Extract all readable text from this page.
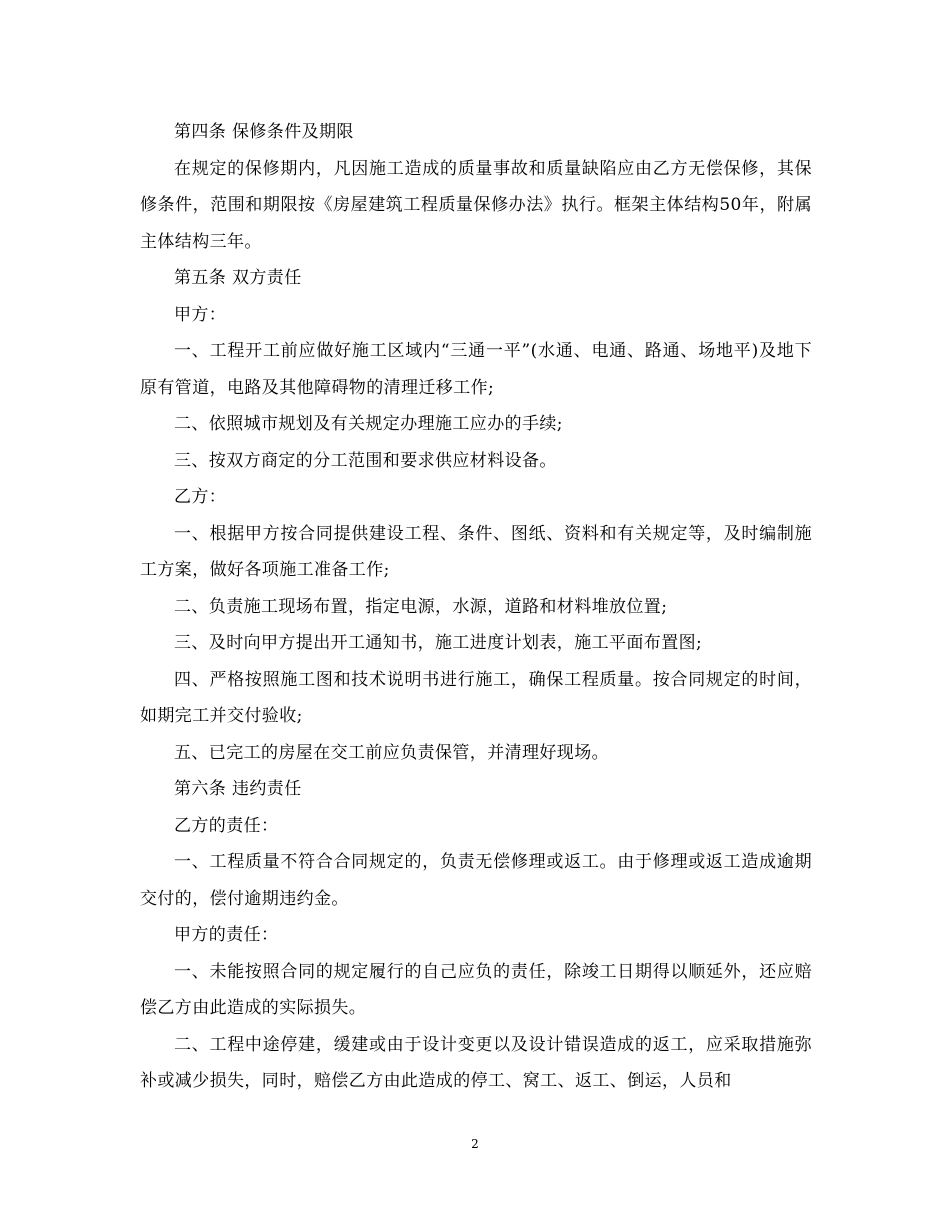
第四条 保修条件及期限

在规定的保修期内，凡因施工造成的质量事故和质量缺陷应由乙方无偿保修，其保修条件，范围和期限按《房屋建筑工程质量保修办法》执行。框架主体结构50年，附属主体结构三年。

第五条 双方责任

甲方：

一、工程开工前应做好施工区域内“三通一平”(水通、电通、路通、场地平)及地下原有管道，电路及其他障碍物的清理迁移工作;

二、依照城市规划及有关规定办理施工应办的手续;

三、按双方商定的分工范围和要求供应材料设备。

乙方：

一、根据甲方按合同提供建设工程、条件、图纸、资料和有关规定等，及时编制施工方案，做好各项施工准备工作;

二、负责施工现场布置，指定电源，水源，道路和材料堆放位置;

三、及时向甲方提出开工通知书，施工进度计划表，施工平面布置图;

四、严格按照施工图和技术说明书进行施工，确保工程质量。按合同规定的时间，如期完工并交付验收;

五、已完工的房屋在交工前应负责保管，并清理好现场。

第六条 违约责任

乙方的责任：

一、工程质量不符合合同规定的，负责无偿修理或返工。由于修理或返工造成逾期交付的，偿付逾期违约金。

甲方的责任：

一、未能按照合同的规定履行的自己应负的责任，除竣工日期得以顺延外，还应赔偿乙方由此造成的实际损失。

二、工程中途停建，缓建或由于设计变更以及设计错误造成的返工，应采取措施弥补或减少损失，同时，赔偿乙方由此造成的停工、窝工、返工、倒运，人员和

2
